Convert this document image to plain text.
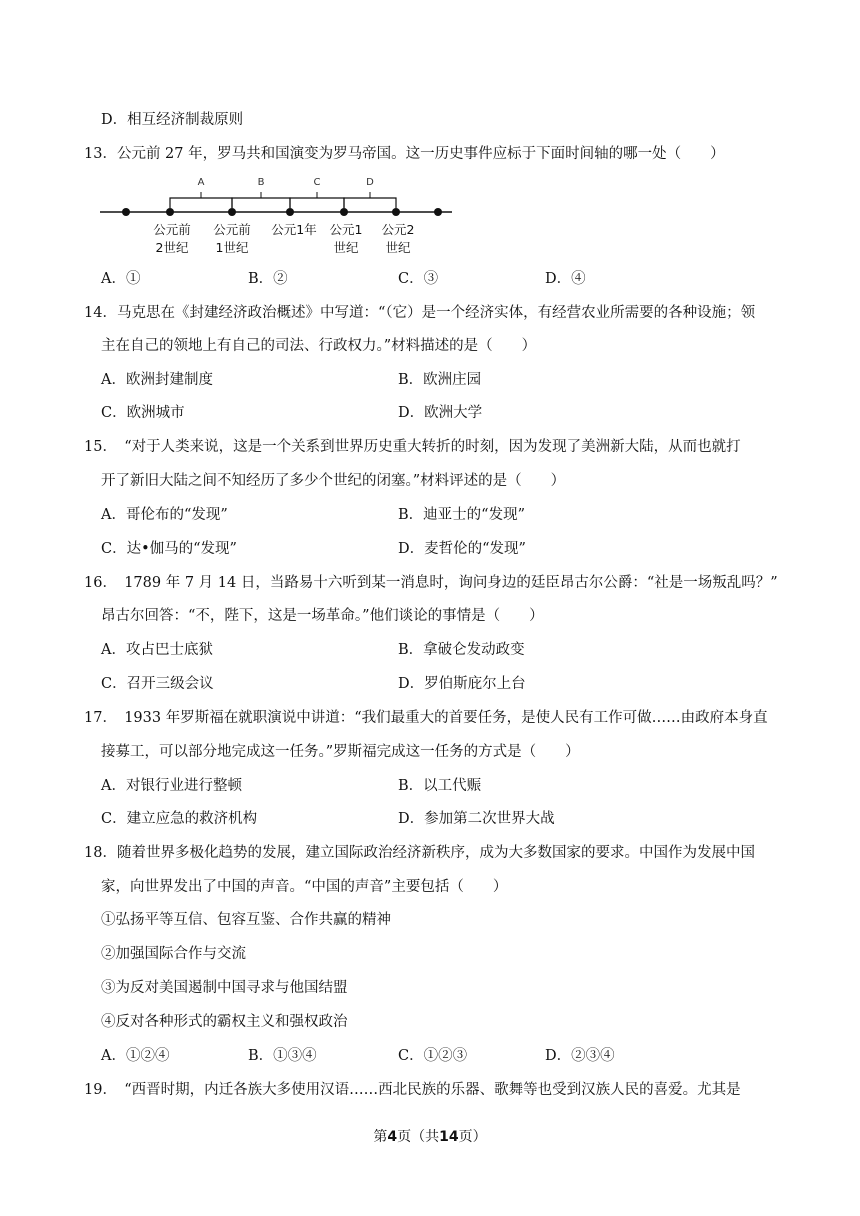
D．相互经济制裁原则
13．公元前 27 年，罗马共和国演变为罗马帝国。这一历史事件应标于下面时间轴的哪一处（　　）
A	B	C	D
公元前
2世纪
公元前
1世纪
公元1年 公元1
世纪
公元2
世纪
A．①	B．②	C．③	D．④
14．马克思在《封建经济政治概述》中写道：“（它）是一个经济实体，有经营农业所需要的各种设施；领
主在自己的领地上有自己的司法、行政权力。”材料描述的是（　　）
A．欧洲封建制度	B．欧洲庄园
C．欧洲城市	D．欧洲大学
15．　“对于人类来说，这是一个关系到世界历史重大转折的时刻，因为发现了美洲新大陆，从而也就打
开了新旧大陆之间不知经历了多少个世纪的闭塞。”材料评述的是（　　）
A．哥伦布的“发现”	B．迪亚士的“发现”
C．达•伽马的“发现”	D．麦哲伦的“发现”
16．　1789 年 7 月 14 日，当路易十六听到某一消息时，询问身边的廷臣昂古尔公爵：“社是一场叛乱吗？”
昂古尔回答：“不，陛下，这是一场革命。”他们谈论的事情是（　　）
A．攻占巴士底狱	B．拿破仑发动政变
C．召开三级会议	D．罗伯斯庇尔上台
17．　1933 年罗斯福在就职演说中讲道：“我们最重大的首要任务，是使人民有工作可做……由政府本身直
接募工，可以部分地完成这一任务。”罗斯福完成这一任务的方式是（　　）
A．对银行业进行整顿	B．以工代赈
C．建立应急的救济机构	D．参加第二次世界大战
18．随着世界多极化趋势的发展，建立国际政治经济新秩序，成为大多数国家的要求。中国作为发展中国
家，向世界发出了中国的声音。“中国的声音”主要包括（　　）
①弘扬平等互信、包容互鉴、合作共赢的精神
②加强国际合作与交流
③为反对美国遏制中国寻求与他国结盟
④反对各种形式的霸权主义和强权政治
A．①②④	B．①③④	C．①②③	D．②③④
19．　“西晋时期，内迁各族大多使用汉语……西北民族的乐器、歌舞等也受到汉族人民的喜爱。尤其是
第4页（共14页）
